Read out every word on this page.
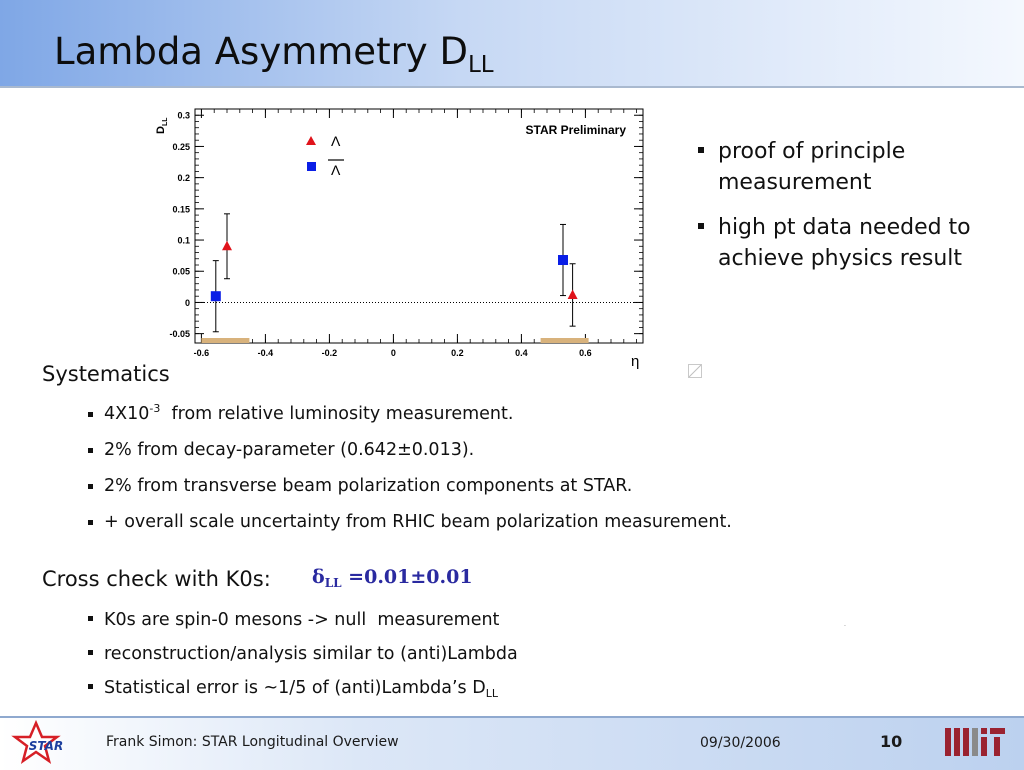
Lambda Asymmetry $D_{LL}$
-0.05
0
0.05
0.1
0.15
0.2
0.25
0.3
-0.6	-0.4	-0.2	0	0.2	0.4	0.6
STAR Preliminary
Λ
Λ
$D_{LL}$
η
proof of principle measurement
high pt data needed to achieve physics result
Systematics
$4X10^{-3}$  from relative luminosity measurement.
2% from decay-parameter (0.642±0.013).
2% from transverse beam polarization components at STAR.
+ overall scale uncertainty from RHIC beam polarization measurement.
Cross check with K0s: $\delta_{LL} =0.01\pm 0.01$
K0s are spin-0 mesons -> null  measurement
reconstruction/analysis similar to (anti)Lambda
Statistical error is ~1/5 of (anti)Lambda’s $D_{LL}$
STAR	Frank Simon: STAR Longitudinal Overview	09/30/2006	10
MIT
